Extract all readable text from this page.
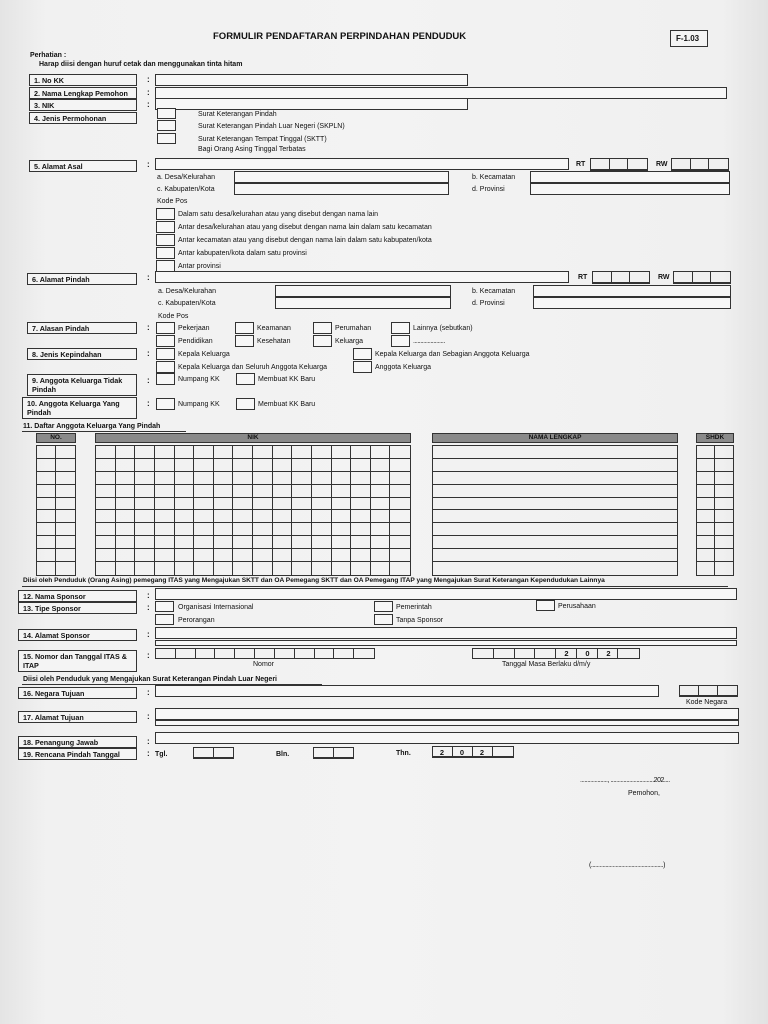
FORMULIR PENDAFTARAN PERPINDAHAN PENDUDUK	F-1.03
Perhatian :
Harap diisi dengan huruf cetak dan menggunakan tinta hitam
1. No KK	:
2. Nama Lengkap Pemohon	:
3. NIK	:
4. Jenis Permohonan	Surat Keterangan Pindah
Surat Keterangan Pindah Luar Negeri (SKPLN)
Surat Keterangan Tempat Tinggal (SKTT)
Bagi Orang Asing Tinggal Terbatas
5. Alamat Asal	:	RT	RW
a. Desa/Kelurahan	b. Kecamatan
c. Kabupaten/Kota	d. Provinsi
Kode Pos
Dalam satu desa/kelurahan atau yang disebut dengan nama lain
Antar desa/kelurahan atau yang disebut dengan nama lain dalam satu kecamatan
Antar kecamatan atau yang disebut dengan nama lain dalam satu kabupaten/kota
Antar kabupaten/kota dalam satu provinsi
Antar provinsi
6. Alamat Pindah	:	RT	RW
a. Desa/Kelurahan	b. Kecamatan
c. Kabupaten/Kota	d. Provinsi
Kode Pos
7. Alasan Pindah	:	Pekerjaan	Keamanan	Perumahan	Lainnya (sebutkan)
Pendidikan	Kesehatan	Keluarga	......................
8. Jenis Kepindahan	:	Kepala Keluarga	Kepala Keluarga dan Sebagian Anggota Keluarga
Kepala Keluarga dan Seluruh Anggota Keluarga	Anggota Keluarga
9. Anggota Keluarga Tidak Pindah
:	Numpang KK	Membuat KK Baru
10. Anggota Keluarga Yang Pindah
:	Numpang KK	Membuat KK Baru
11. Daftar Anggota Keluarga Yang Pindah
NO.	NIK	NAMA LENGKAP	SHDK
Diisi oleh Penduduk (Orang Asing) pemegang ITAS yang Mengajukan SKTT dan OA Pemegang SKTT dan OA Pemegang ITAP yang Mengajukan Surat Keterangan Kependudukan Lainnya
12. Nama Sponsor	:
13. Tipe Sponsor	:	Organisasi Internasional	Pemerintah	Perusahaan
Perorangan	Tanpa Sponsor
14. Alamat Sponsor	:
15. Nomor dan Tanggal ITAS & ITAP
:
Nomor
2	0	2
Tanggal Masa Berlaku d/m/y
Diisi oleh Penduduk yang Mengajukan Surat Keterangan Pindah Luar Negeri
16. Negara Tujuan	:
Kode Negara
17. Alamat Tujuan	:
18. Penangung Jawab	:
19. Rencana Pindah Tanggal	: Tgl.	Bln.	Thn.	2	0	2
..................., ..............................202....
Pemohon,
(..................................................)
